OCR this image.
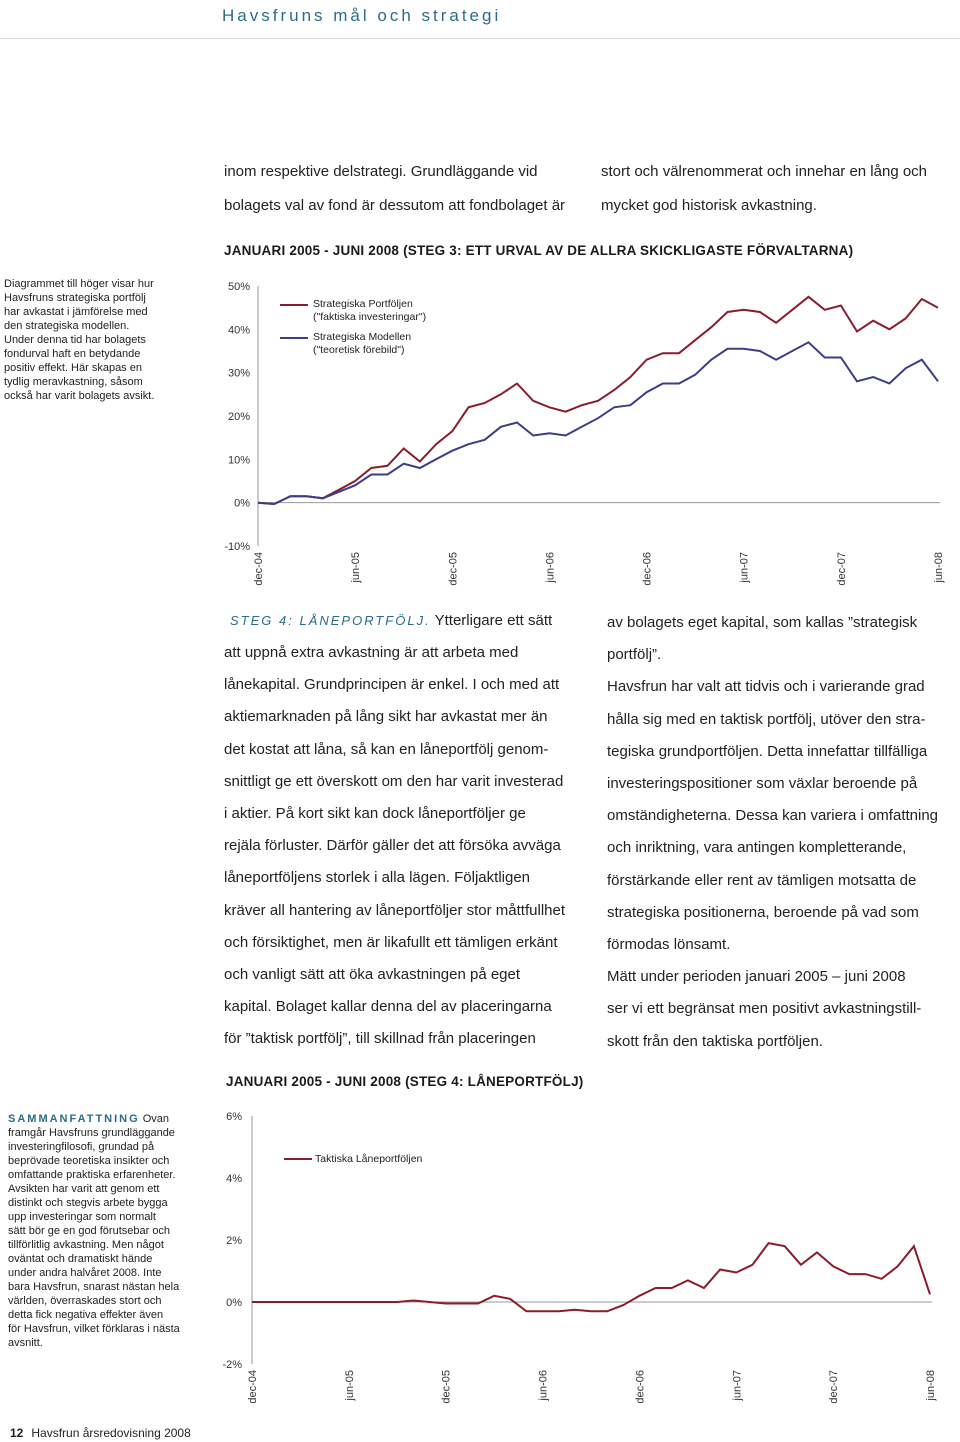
Havsfruns mål och strategi
inom respektive delstrategi. Grundläggande vid
bolagets val av fond är dessutom att fondbolaget är
stort och välrenommerat och innehar en lång och
mycket god historisk avkastning.
JANUARI 2005 - JUNI 2008 (STEG 3: ETT URVAL AV DE ALLRA SKICKLIGASTE FÖRVALTARNA)
Diagrammet till höger visar hur
Havsfruns strategiska portfölj
har avkastat i jämförelse med
den strategiska modellen.
Under denna tid har bolagets
fondurval haft en betydande
positiv effekt. Här skapas en
tydlig meravkastning, såsom
också har varit bolagets avsikt.
50%
40%
30%
20%
10%
0%
-10%
dec-04	jun-05	dec-05	jun-06	dec-06	jun-07	dec-07	jun-08
Strategiska Portföljen
("faktiska investeringar")
Strategiska Modellen
("teoretisk förebild")
STEG 4: LÅNEPORTFÖLJ. Ytterligare ett sätt
att uppnå extra avkastning är att arbeta med
lånekapital. Grundprincipen är enkel. I och med att
aktiemarknaden på lång sikt har avkastat mer än
det kostat att låna, så kan en låneportfölj genom-
snittligt ge ett överskott om den har varit investerad
i aktier. På kort sikt kan dock låneportföljer ge
rejäla förluster. Därför gäller det att försöka avväga
låneportföljens storlek i alla lägen. Följaktligen
kräver all hantering av låneportföljer stor måttfullhet
och försiktighet, men är likafullt ett tämligen erkänt
och vanligt sätt att öka avkastningen på eget
kapital. Bolaget kallar denna del av placeringarna
för ”taktisk portfölj”, till skillnad från placeringen
av bolagets eget kapital, som kallas ”strategisk
portfölj”.
Havsfrun har valt att tidvis och i varierande grad
hålla sig med en taktisk portfölj, utöver den stra-
tegiska grundportföljen. Detta innefattar tillfälliga
investeringspositioner som växlar beroende på
omständigheterna. Dessa kan variera i omfattning
och inriktning, vara antingen kompletterande,
förstärkande eller rent av tämligen motsatta de
strategiska positionerna, beroende på vad som
förmodas lönsamt.
Mätt under perioden januari 2005 – juni 2008
ser vi ett begränsat men positivt avkastningstill-
skott från den taktiska portföljen.
JANUARI 2005 - JUNI 2008 (STEG 4: LÅNEPORTFÖLJ)
SAMMANFATTNING Ovan
framgår Havsfruns grundläggande
investeringfilosofi, grundad på
beprövade teoretiska insikter och
omfattande praktiska erfarenheter.
Avsikten har varit att genom ett
distinkt och stegvis arbete bygga
upp investeringar som normalt
sätt bör ge en god förutsebar och
tillförlitlig avkastning. Men något
oväntat och dramatiskt hände
under andra halvåret 2008. Inte
bara Havsfrun, snarast nästan hela
världen, överraskades stort och
detta fick negativa effekter även
för Havsfrun, vilket förklaras i nästa
avsnitt.
6%
4%
2%
0%
-2%
dec-04	jun-05	dec-05	jun-06	dec-06	jun-07	dec-07	jun-08
Taktiska Låneportföljen
12 Havsfrun årsredovisning 2008
